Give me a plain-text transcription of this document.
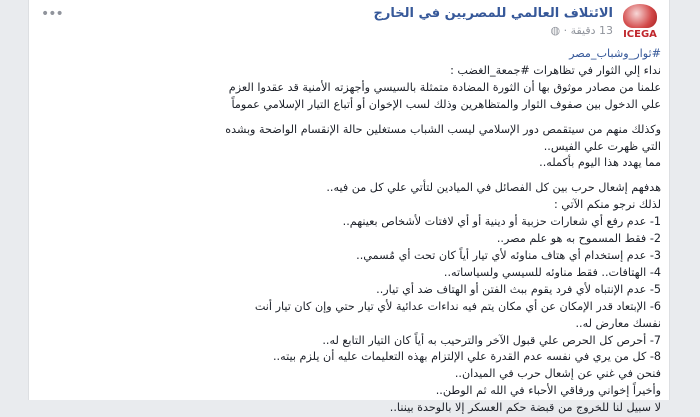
•••
ICEGA
الائتلاف العالمي للمصريين في الخارج
13 دقيقة · ◍

#ثوار_وشباب_مصر

نداء إلي الثوار في تظاهرات #جمعة_الغضب :

علمنا من مصادر موثوق بها أن الثورة المضادة متمثلة بالسيسي وأجهزته الأمنية قد عقدوا العزم

علي الدخول بين صفوف الثوار والمتظاهرين وذلك لسب الإخوان أو أتباع التيار الإسلامي عموماً

وكذلك منهم من سيتقمص دور الإسلامي ليسب الشباب مستغلين حالة الإنقسام الواضحة وبشده

التي ظهرت علي الفيس..

مما يهدد هذا اليوم بأكمله..

هدفهم إشعال حرب بين كل الفصائل في الميادين لتأتي علي كل من فيه..

لذلك نرجو منكم الآتي :

1- عدم رفع أي شعارات حزبية أو دينية أو أي لافتات لأشخاص بعينهم..

2- فقط المسموح به هو علم مصر..

3- عدم إستخدام أي هتاف مناوئه لأي تيار أياً كان تحت أي مُسمي..

4- الهتافات.. فقط مناوئه للسيسي ولسياساته..

5- عدم الإنتباه لأي فرد يقوم ببث الفتن أو الهتاف ضد أي تيار..

6- الإبتعاد قدر الإمكان عن أي مكان يتم فيه نداءات عدائية لأي تيار حتي وإن كان تيار أنت

نفسك معارض له..

7- أحرص كل الحرص علي قبول الآخر والترحيب به أياً كان التيار التابع له..

8- كل من يري في نفسه عدم القدرة علي الإلتزام بهذه التعليمات عليه أن يلزم بيته..

فنحن في غني عن إشعال حرب في الميدان..

وأخيراً إخواني ورفاقي الأحباء في الله ثم الوطن..

لا سبيل لنا للخروج من قبضة حكم العسكر إلا بالوحدة بيننا..
